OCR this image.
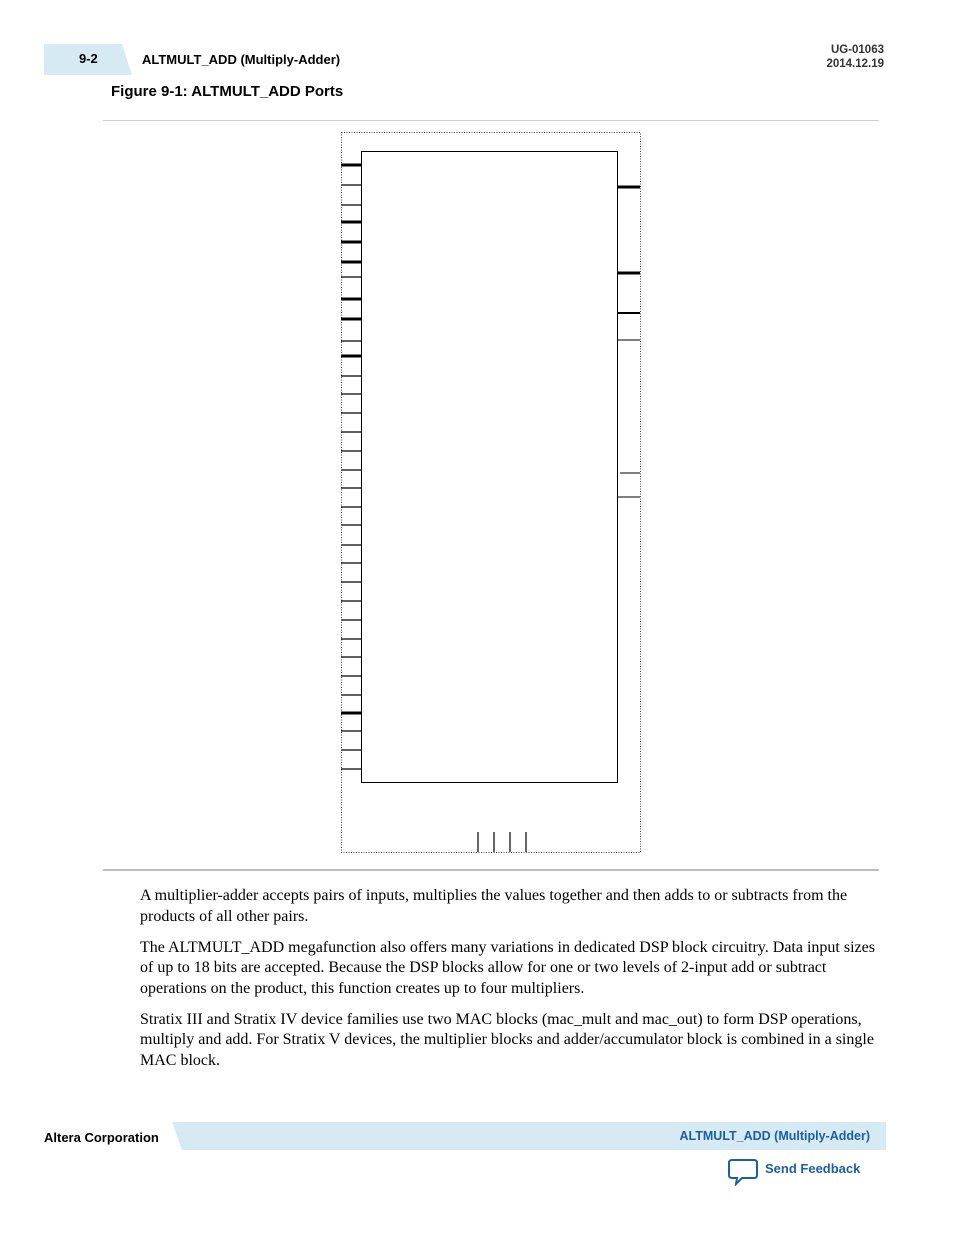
9-2	ALTMULT_ADD (Multiply-Adder)
UG-01063
2014.12.19
Figure 9-1: ALTMULT_ADD Ports

A multiplier-adder accepts pairs of inputs, multiplies the values together and then adds to or subtracts from the products of all other pairs.

The ALTMULT_ADD megafunction also offers many variations in dedicated DSP block circuitry. Data input sizes of up to 18 bits are accepted. Because the DSP blocks allow for one or two levels of 2-input add or subtract operations on the product, this function creates up to four multipliers.

Stratix III and Stratix IV device families use two MAC blocks (mac_mult and mac_out) to form DSP operations, multiply and add. For Stratix V devices, the multiplier blocks and adder/accumulator block is combined in a single MAC block.

Altera Corporation	ALTMULT_ADD (Multiply-Adder)
Send Feedback
